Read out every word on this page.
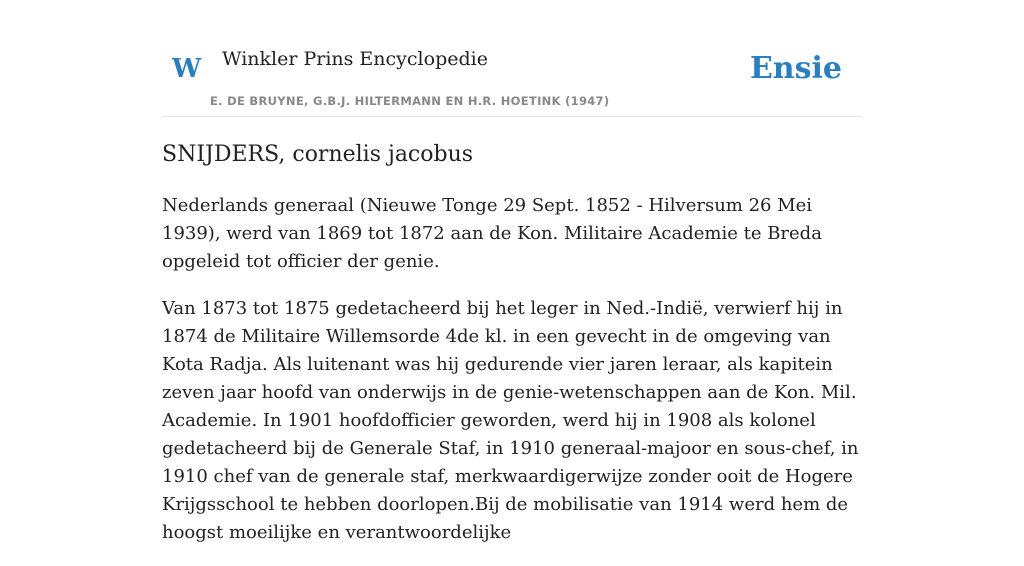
W Winkler Prins Encyclopedie
E. DE BRUYNE, G.B.J. HILTERMANN EN H.R. HOETINK (1947)
Ensie
SNIJDERS, cornelis jacobus

Nederlands generaal (Nieuwe Tonge 29 Sept. 1852 - Hilversum 26 Mei 1939), werd van 1869 tot 1872 aan de Kon. Militaire Academie te Breda opgeleid tot officier der genie.

Van 1873 tot 1875 gedetacheerd bij het leger in Ned.-Indië, verwierf hij in 1874 de Militaire Willemsorde 4de kl. in een gevecht in de omgeving van Kota Radja. Als luitenant was hij gedurende vier jaren leraar, als kapitein zeven jaar hoofd van onderwijs in de genie-wetenschappen aan de Kon. Mil. Academie. In 1901 hoofdofficier geworden, werd hij in 1908 als kolonel gedetacheerd bij de Generale Staf, in 1910 generaal-majoor en sous-chef, in 1910 chef van de generale staf, merkwaardigerwijze zonder ooit de Hogere Krijgsschool te hebben doorlopen.Bij de mobilisatie van 1914 werd hem de hoogst moeilijke en verantwoordelijke
